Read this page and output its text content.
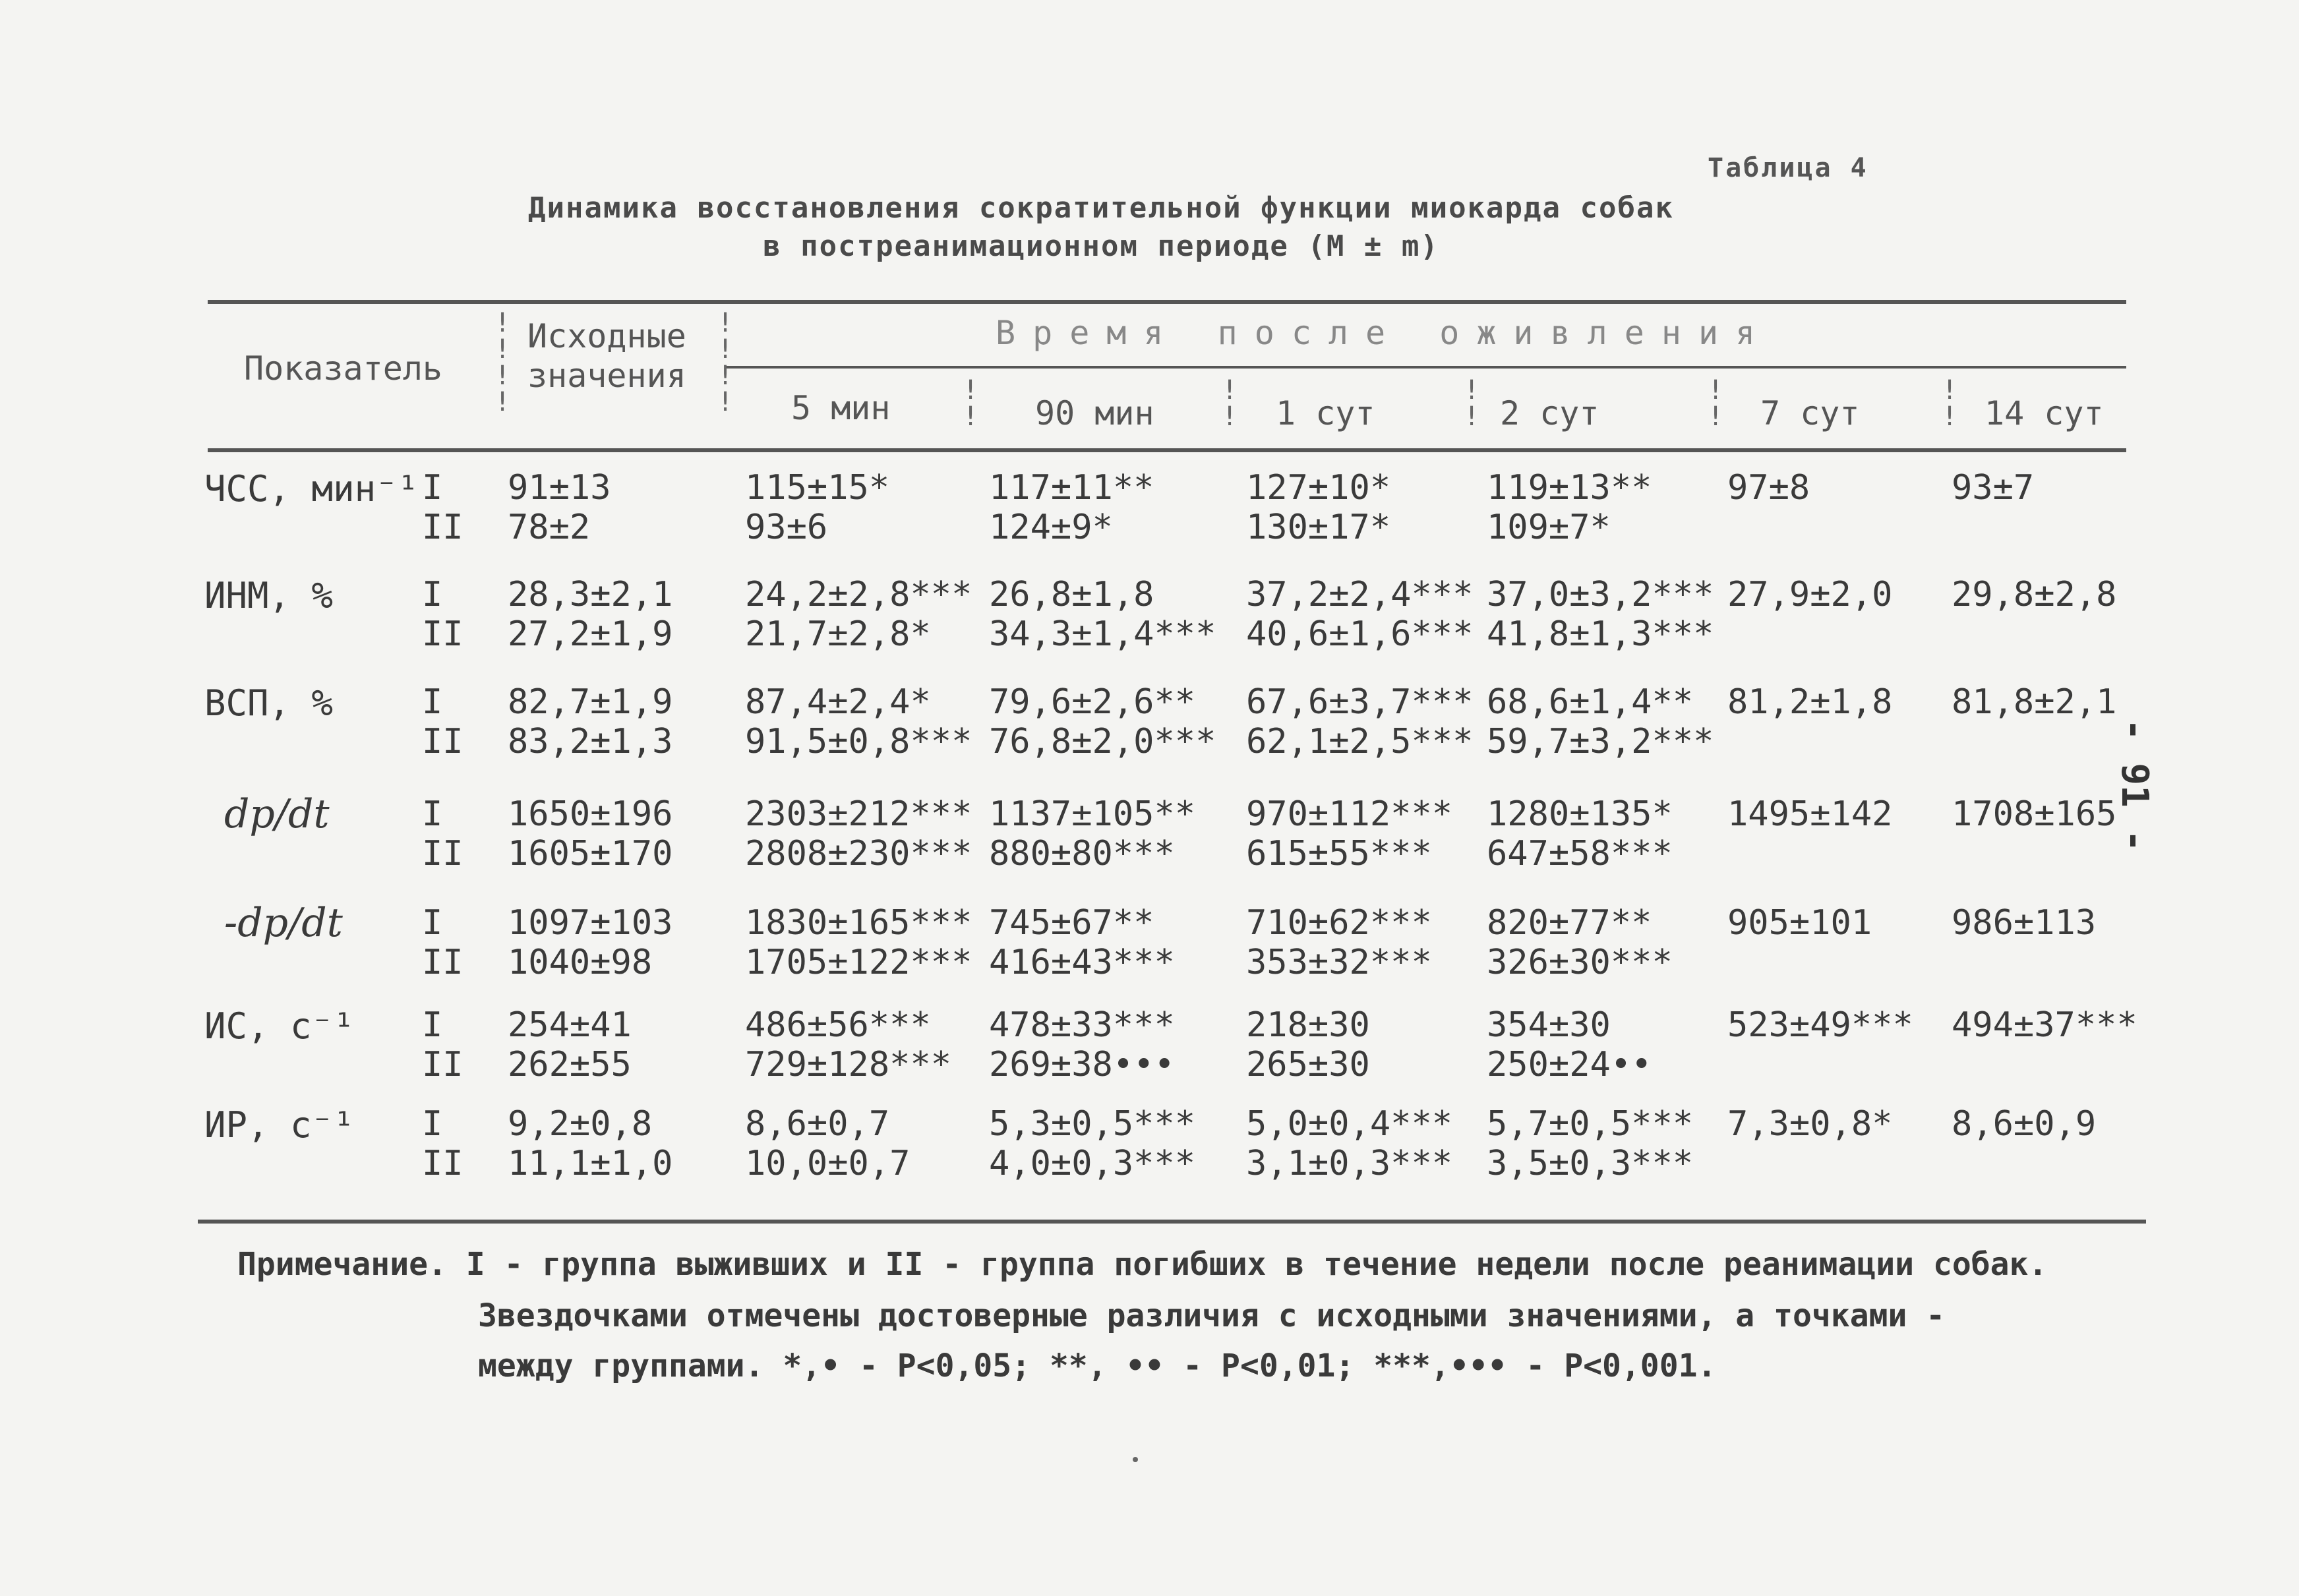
Таблица 4
Динамика восстановления сократительной функции миокарда собак
в постреанимационном периоде (M ± m)
!
!
!
!
!
!
!
!	!
!
!
!
!
!
!
!
!
!
Показатель
Исходные значения
Время после оживления
5 мин	90 мин	1 сут	2 сут	7 сут	14 сут
ЧСС, мин⁻¹ I 91±13	115±15*	117±11**	127±10*	119±13** 97±8	93±7
II 78±2	93±6	124±9*	130±17*	109±7*
ИНМ, %	I 28,3±2,1 24,2±2,8*** 26,8±1,8	37,2±2,4*** 37,0±3,2*** 27,9±2,0 29,8±2,8
II 27,2±1,9 21,7±2,8* 34,3±1,4*** 40,6±1,6*** 41,8±1,3***
ВСП, %	I 82,7±1,9 87,4±2,4* 79,6±2,6** 67,6±3,7*** 68,6±1,4** 81,2±1,8 81,8±2,1
II 83,2±1,3 91,5±0,8*** 76,8±2,0*** 62,1±2,5*** 59,7±3,2***
dp/dt	I 1650±196 2303±212*** 1137±105** 970±112*** 1280±135* 1495±142 1708±165
II 1605±170 2808±230*** 880±80*** 615±55*** 647±58***
-dp/dt I 1097±103 1830±165*** 745±67**	710±62*** 820±77** 905±101 986±113
II 1040±98	1705±122*** 416±43*** 353±32*** 326±30***
ИС, с⁻¹ I 254±41	486±56*** 478±33*** 218±30	354±30	523±49*** 494±37***
II 262±55	729±128*** 269±38••• 265±30	250±24••
ИР, с⁻¹ I 9,2±0,8	8,6±0,7	5,3±0,5*** 5,0±0,4*** 5,7±0,5*** 7,3±0,8* 8,6±0,9
II 11,1±1,0 10,0±0,7 4,0±0,3*** 3,1±0,3*** 3,5±0,3***
Примечание. I - группа выживших и II - группа погибших в течение недели после реанимации собак.
Звездочками отмечены достоверные различия с исходными значениями, а точками -
между группами. *,• - P<0,05; **, •• - P<0,01; ***,••• - P<0,001.
- 91 -
